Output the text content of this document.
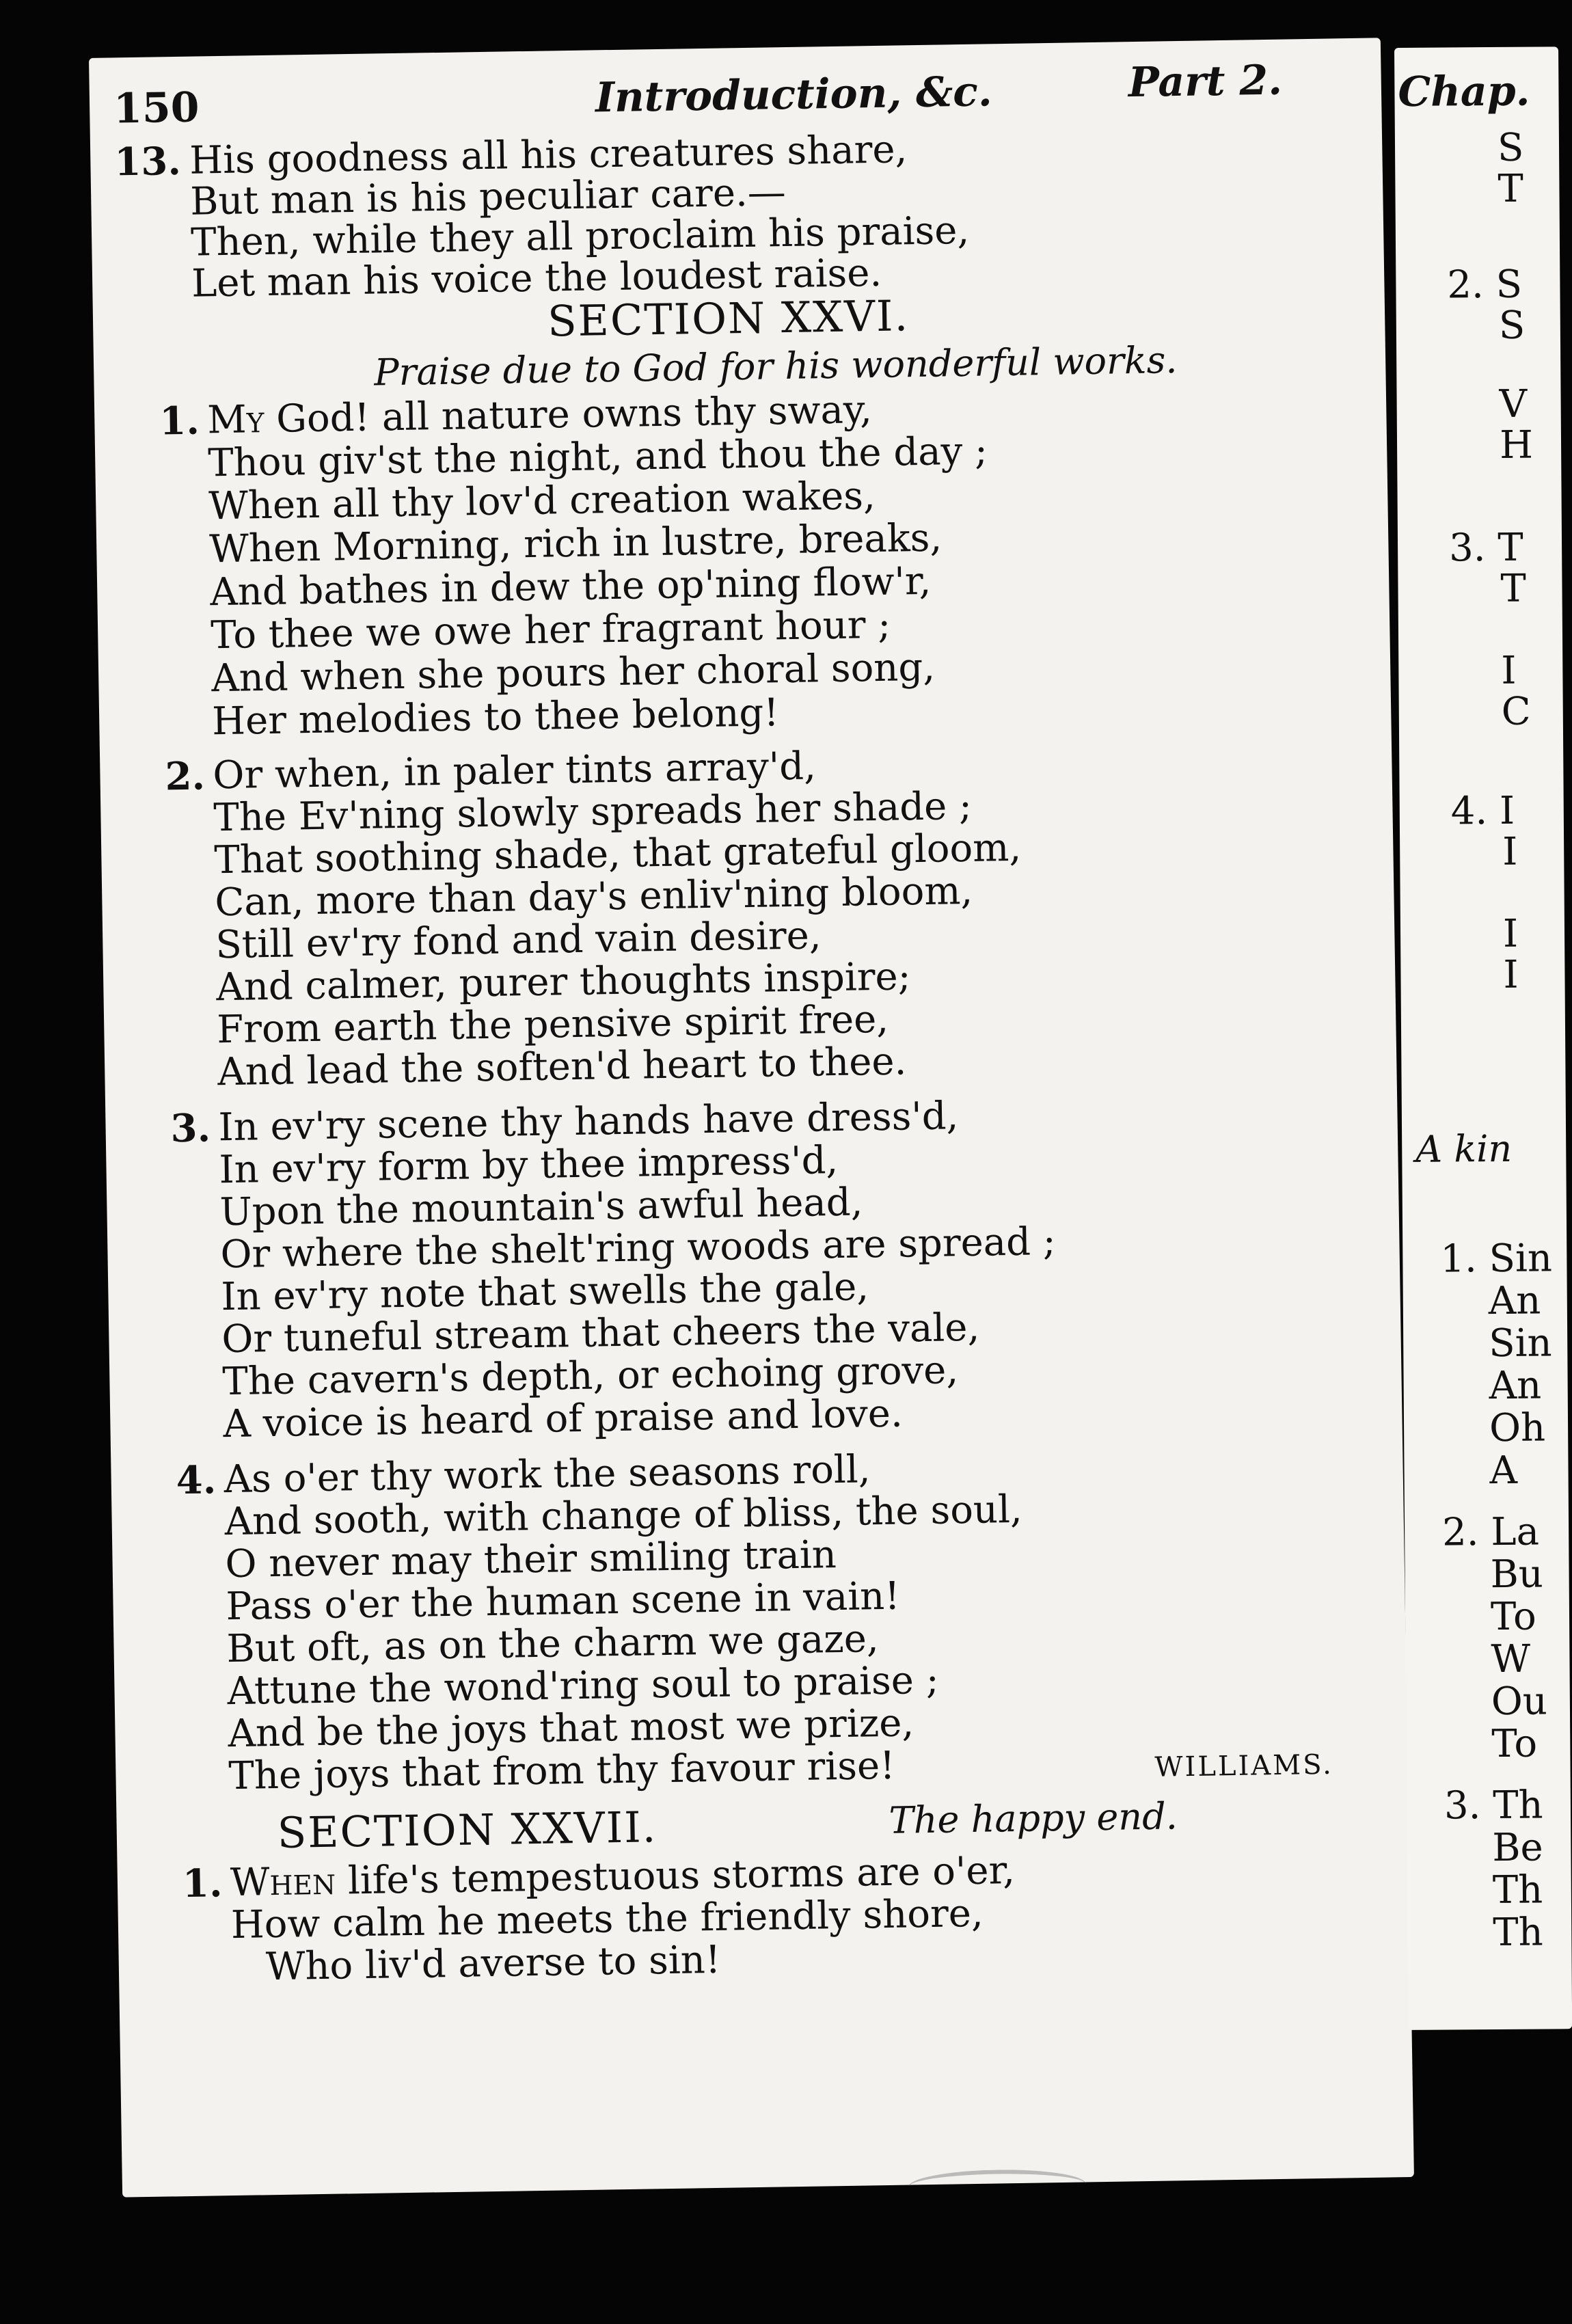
150	Introduction, &c.	Part 2.
13. His goodness all his creatures share,
But man is his peculiar care.—
Then, while they all proclaim his praise,
Let man his voice the loudest raise.
SECTION XXVI.
Praise due to God for his wonderful works.
1. My God! all nature owns thy sway,
Thou giv'st the night, and thou the day ;
When all thy lov'd creation wakes,
When Morning, rich in lustre, breaks,
And bathes in dew the op'ning flow'r,
To thee we owe her fragrant hour ;
And when she pours her choral song,
Her melodies to thee belong!
2. Or when, in paler tints array'd,
The Ev'ning slowly spreads her shade ;
That soothing shade, that grateful gloom,
Can, more than day's enliv'ning bloom,
Still ev'ry fond and vain desire,
And calmer, purer thoughts inspire;
From earth the pensive spirit free,
And lead the soften'd heart to thee.
3. In ev'ry scene thy hands have dress'd,
In ev'ry form by thee impress'd,
Upon the mountain's awful head,
Or where the shelt'ring woods are spread ;
In ev'ry note that swells the gale,
Or tuneful stream that cheers the vale,
The cavern's depth, or echoing grove,
A voice is heard of praise and love.
4. As o'er thy work the seasons roll,
And sooth, with change of bliss, the soul,
O never may their smiling train
Pass o'er the human scene in vain!
But oft, as on the charm we gaze,
Attune the wond'ring soul to praise ;
And be the joys that most we prize,
The joys that from thy favour rise!	WILLIAMS.
SECTION XXVII.	The happy end.
1. When life's tempestuous storms are o'er,
How calm he meets the friendly shore,
Who liv'd averse to sin!
Chap.
S
T
2. S
S
V
H
3. T
T
I
C
4. I
I
I
I
A kin
1. Sin
An
Sin
An
Oh
A
2. La
Bu
To
W
Ou
To
3. Th
Be
Th
Th
